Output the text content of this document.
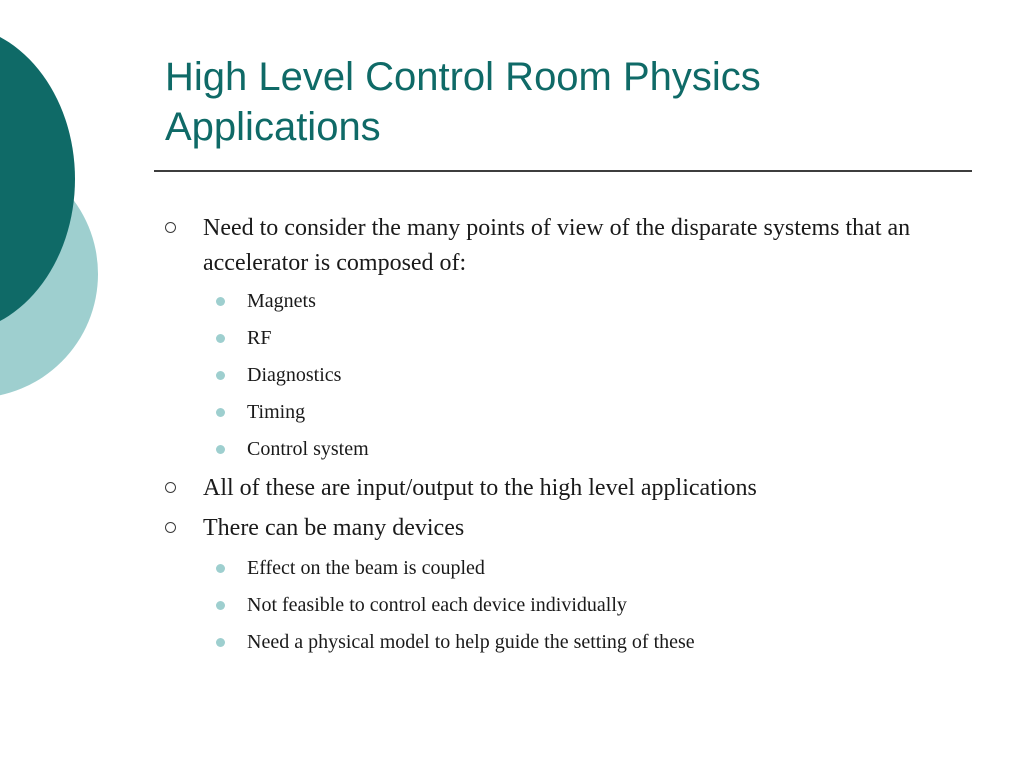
High Level Control Room Physics Applications
Need to consider the many points of view of the disparate systems that an accelerator is composed of:
Magnets
RF
Diagnostics
Timing
Control system
All of these are input/output to the high level applications
There can be many devices
Effect on the beam is coupled
Not feasible to control each device individually
Need a physical model to help guide the setting of these
